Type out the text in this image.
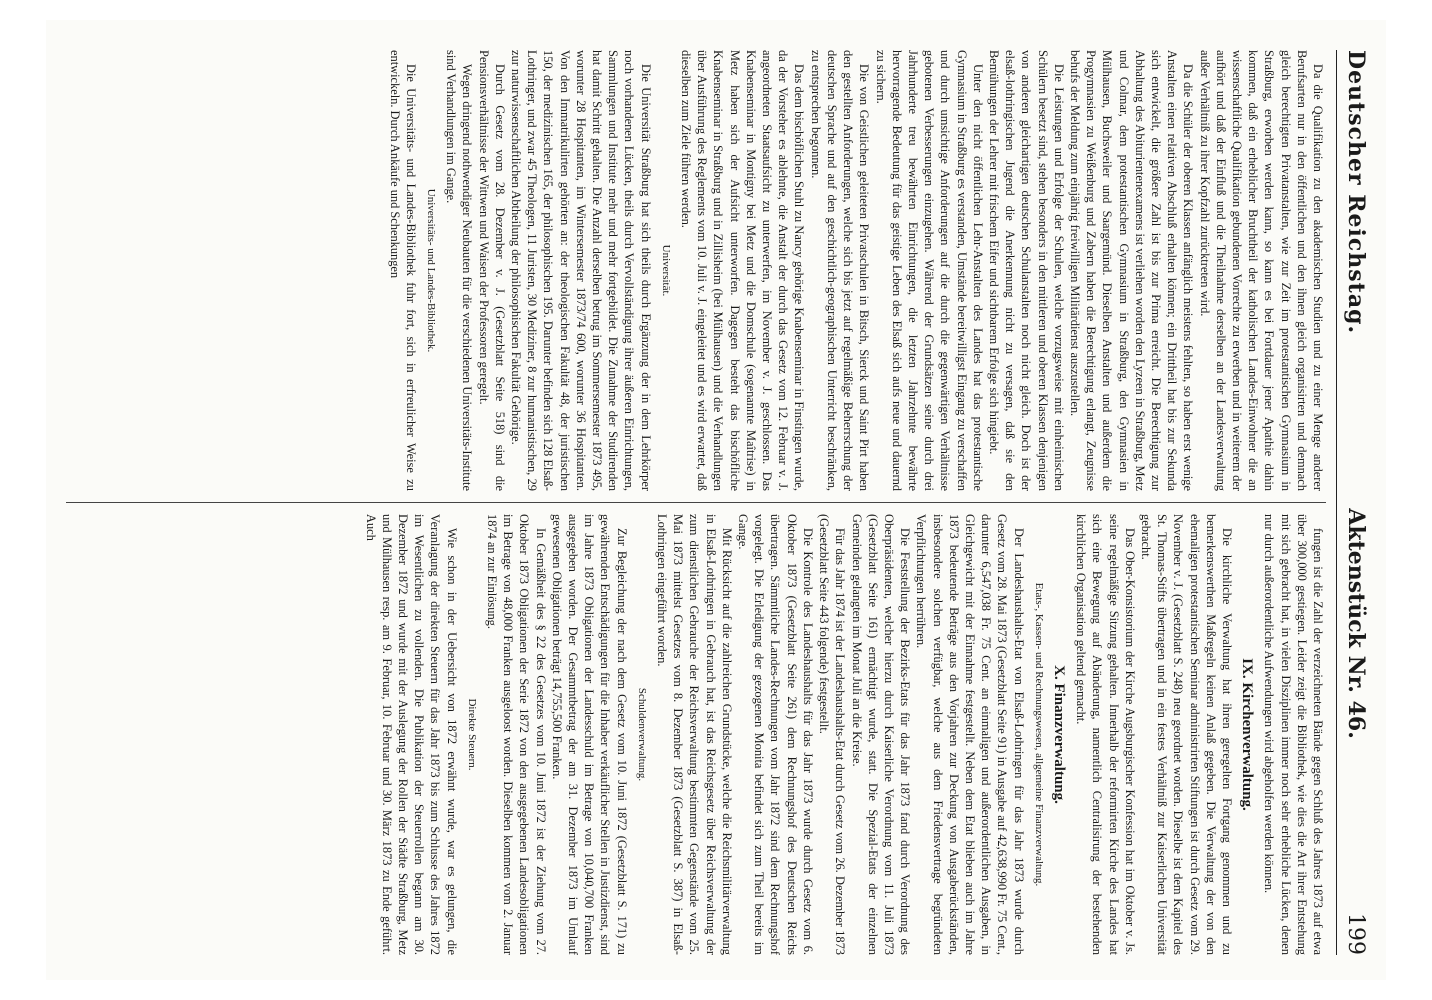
Deutscher Reichstag.
Aktenstück Nr. 46.
199

Da die Qualifikation zu den akademischen Studien und zu einer Menge anderer Berufsarten nur in den öffentlichen und den ihnen gleich organisirten und demnach gleich berechtigten Privatanstalten, wie zur Zeit im protestantischen Gymnasium in Straßburg, erworben werden kann, so kann es bei Fortdauer jener Apathie dahin kommen, daß ein erheblicher Bruchtheil der katholischen Landes-Einwohner die an wissenschaftliche Qualifikation gebundenen Vorrechte zu erwerben und in weiterem der aufhört und daß der Einfluß und die Theilnahme derselben an der Landesverwaltung außer Verhältniß zu ihrer Kopfzahl zurücktreten wird.

Da die Schüler der oberen Klassen anfänglich meistens fehlten, so haben erst wenige Anstalten einen relativen Abschluß erhalten können; ein Drittheil hat bis zur Sekunda sich entwickelt, die größere Zahl ist bis zur Prima erreicht. Die Berechtigung zur Abhaltung des Abiturientenexamens ist verliehen worden den Lyzeen in Straßburg, Metz und Colmar, dem protestantischen Gymnasium in Straßburg, den Gymnasien in Mülhausen, Buchsweiler und Saargemünd. Dieselben Anstalten und außerdem die Progymnasien zu Weißenburg und Zabern haben die Berechtigung erlangt, Zeugnisse behufs der Meldung zum einjährig freiwilligen Militärdienst auszustellen.

Die Leistungen und Erfolge der Schulen, welche vorzugsweise mit einheimischen Schülern besetzt sind, stehen besonders in den mittleren und oberen Klassen denjenigen von anderen gleichartigen deutschen Schulanstalten noch nicht gleich. Doch ist der elsaß-lothringischen Jugend die Anerkennung nicht zu versagen, daß sie den Bemühungen der Lehrer mit frischem Eifer und sichtbarem Erfolge sich hingiebt.

Unter den nicht öffentlichen Lehr-Anstalten des Landes hat das protestantische Gymnasium in Straßburg es verstanden, Umstände bereitwilligst Eingang zu verschaffen und durch umsichtige Anforderungen auf die durch die gegenwärtigen Verhältnisse gebotenen Verbesserungen einzugehen. Während der Grundsätzen seine durch drei Jahrhunderte treu bewährten Einrichtungen, die letzten Jahrzehnte bewährte hervorragende Bedeutung für das geistige Leben des Elsaß sich aufs neue und dauernd zu sichern.

Die von Geistlichen geleiteten Privatschulen in Bitsch, Sierck und Saint Pirt haben den gestellten Anforderungen, welche sich bis jetzt auf regelmäßige Beherrschung der deutschen Sprache und auf den geschichtlich-geographischen Unterricht beschränken, zu entsprechen begonnen.

Das dem bischöflichen Stuhl zu Nancy gehörige Knabenseminar in Finstingen wurde, da der Vorsteher es ablehnte, die Anstalt der durch das Gesetz vom 12. Februar v. J. angeordneten Staatsaufsicht zu unterwerfen, im November v. J. geschlossen. Das Knabenseminar in Montigny bei Metz und die Domschule (sogenannte Maîtrise) in Metz haben sich der Aufsicht unterworfen. Dagegen besteht das bischöfliche Knabenseminar in Straßburg und in Zillisheim (bei Mülhausen) und die Verhandlungen über Ausführung des Reglements vom 10. Juli v. J. eingeleitet und es wird erwartet, daß dieselben zum Ziele führen werden.

Universität.

Die Universität Straßburg hat sich theils durch Ergänzung der in dem Lehrkörper noch vorhandenen Lücken, theils durch Vervollständigung ihrer äußeren Einrichtungen, Sammlungen und Institute mehr und mehr fortgebildet. Die Zunahme der Studirenden hat damit Schritt gehalten. Die Anzahl derselben betrug im Sommersemester 1873 495, worunter 28 Hospitanten, im Wintersemester 1873/74 600, worunter 36 Hospitanten. Von den Immatrikulirten gehörten an: der theologischen Fakultät 48, der juristischen 150, der medizinischen 165, der philosophischen 195. Darunter befinden sich 128 Elsaß-Lothringer, und zwar 45 Theologen, 11 Juristen, 30 Mediziner, 8 zur humanistischen, 29 zur naturwissenschaftlichen Abtheilung der philosophischen Fakultät Gehörige.

Durch Gesetz vom 28. Dezember v. J. (Gesetzblatt Seite 518) sind die Pensionsverhältnisse der Wittwen und Waisen der Professoren geregelt.

Wegen dringend nothwendiger Neubauten für die verschiedenen Universitäts-Institute sind Verhandlungen im Gange.

Universitäts- und Landes-Bibliothek.

Die Universitäts- und Landes-Bibliothek fuhr fort, sich in erfreulicher Weise zu entwickeln. Durch Ankäufe und Schenkungen

fungen ist die Zahl der verzeichneten Bände gegen Schluß des Jahres 1873 auf etwa über 300,000 gestiegen. Leider zeigt die Bibliothek, wie dies die Art ihrer Entstehung mit sich gebracht hat, in vielen Disziplinen immer noch sehr erhebliche Lücken, denen nur durch außerordentliche Aufwendungen wird abgeholfen werden können.

IX. Kirchenverwaltung.

Die kirchliche Verwaltung hat ihren geregelten Fortgang genommen und zu bemerkenswerthen Maßregeln keinen Anlaß gegeben. Die Verwaltung der von den ehemaligen protestantischen Seminar administrirten Stiftungen ist durch Gesetz vom 29. November v. J. (Gesetzblatt S. 248) neu geordnet worden. Dieselbe ist dem Kapitel des St. Thomas-Stifts übertragen und in ein festes Verhältniß zur Kaiserlichen Universität gebracht.

Das Ober-Konsistorium der Kirche Augsburgischer Konfession hat im Oktober v. Js. seine regelmäßige Sitzung gehalten. Innerhalb der reformirten Kirche des Landes hat sich eine Bewegung auf Abänderung, namentlich Centralisirung der bestehenden kirchlichen Organisation geltend gemacht.

X. Finanzverwaltung.

Etats-, Kassen- und Rechnungswesen, allgemeine Finanzverwaltung.

Der Landeshaushalts-Etat von Elsaß-Lothringen für das Jahr 1873 wurde durch Gesetz vom 28. Mai 1873 (Gesetzblatt Seite 91) in Ausgabe auf 42,638,990 Fr. 75 Cent., darunter 6,547,038 Fr. 75 Cent. an einmaligen und außerordentlichen Ausgaben, in Gleichgewicht mit der Einnahme festgestellt. Neben dem Etat blieben auch im Jahre 1873 bedeutende Beträge aus den Vorjahren zur Deckung von Ausgaberückständen, insbesondere solchen verfügbar, welche aus dem Friedensvertrage begründeten Verpflichtungen herrühren.

Die Feststellung der Bezirks-Etats für das Jahr 1873 fand durch Verordnung des Oberpräsidenten, welcher hierzu durch Kaiserliche Verordnung vom 11. Juli 1873 (Gesetzblatt Seite 161) ermächtigt wurde, statt. Die Spezial-Etats der einzelnen Gemeinden gelangten im Monat Juli an die Kreise.

Für das Jahr 1874 ist der Landeshaushalts-Etat durch Gesetz vom 26. Dezember 1873 (Gesetzblatt Seite 443 folgende) festgestellt.

Die Kontrole des Landeshaushalts für das Jahr 1873 wurde durch Gesetz vom 6. Oktober 1873 (Gesetzblatt Seite 261) dem Rechnungshof des Deutschen Reichs übertragen. Sämmtliche Landes-Rechnungen vom Jahr 1872 sind dem Rechnungshof vorgelegt. Die Erledigung der gezogenen Monita befindet sich zum Theil bereits im Gange.

Mit Rücksicht auf die zahlreichen Grundstücke, welche die Reichsmilitärverwaltung in Elsaß-Lothringen in Gebrauch hat, ist das Reichsgesetz über Reichsverwaltung der zum dienstlichen Gebrauche der Reichsverwaltung bestimmten Gegenstände vom 25. Mai 1873 mittelst Gesetzes vom 8. Dezember 1873 (Gesetzblatt S. 387) in Elsaß-Lothringen eingeführt worden.

Schuldenverwaltung.

Zur Begleichung der nach dem Gesetz vom 10. Juni 1872 (Gesetzblatt S. 171) zu gewährenden Entschädigungen für die Inhaber verkäuflicher Stellen in Justizdienst, sind im Jahre 1873 Obligationen der Landesschuld im Betrage von 10,040,700 Franken ausgegeben worden. Der Gesammtbetrag der am 31. Dezember 1873 im Umlauf gewesenen Obligationen beträgt 14,755,500 Franken.

In Gemäßheit des § 22 des Gesetzes vom 10. Juni 1872 ist der Ziehung vom 27. Oktober 1873 Obligationen der Serie 1872 von den ausgegebenen Landesobligationen im Betrage von 48,000 Franken ausgeloost worden. Dieselben kommen vom 2. Januar 1874 an zur Einlösung.

Direkte Steuern.

Wie schon in der Uebersicht von 1872 erwähnt wurde, war es gelungen, die Veranlagung der direkten Steuern für das Jahr 1873 bis zum Schlusse des Jahres 1872 im Wesentlichen zu vollenden. Die Publikation der Steuerrollen begann am 30. Dezember 1872 und wurde mit der Auslegung der Rollen der Städte Straßburg, Metz und Mülhausen resp. am 9. Februar, 10. Februar und 30. März 1873 zu Ende geführt. Auch
